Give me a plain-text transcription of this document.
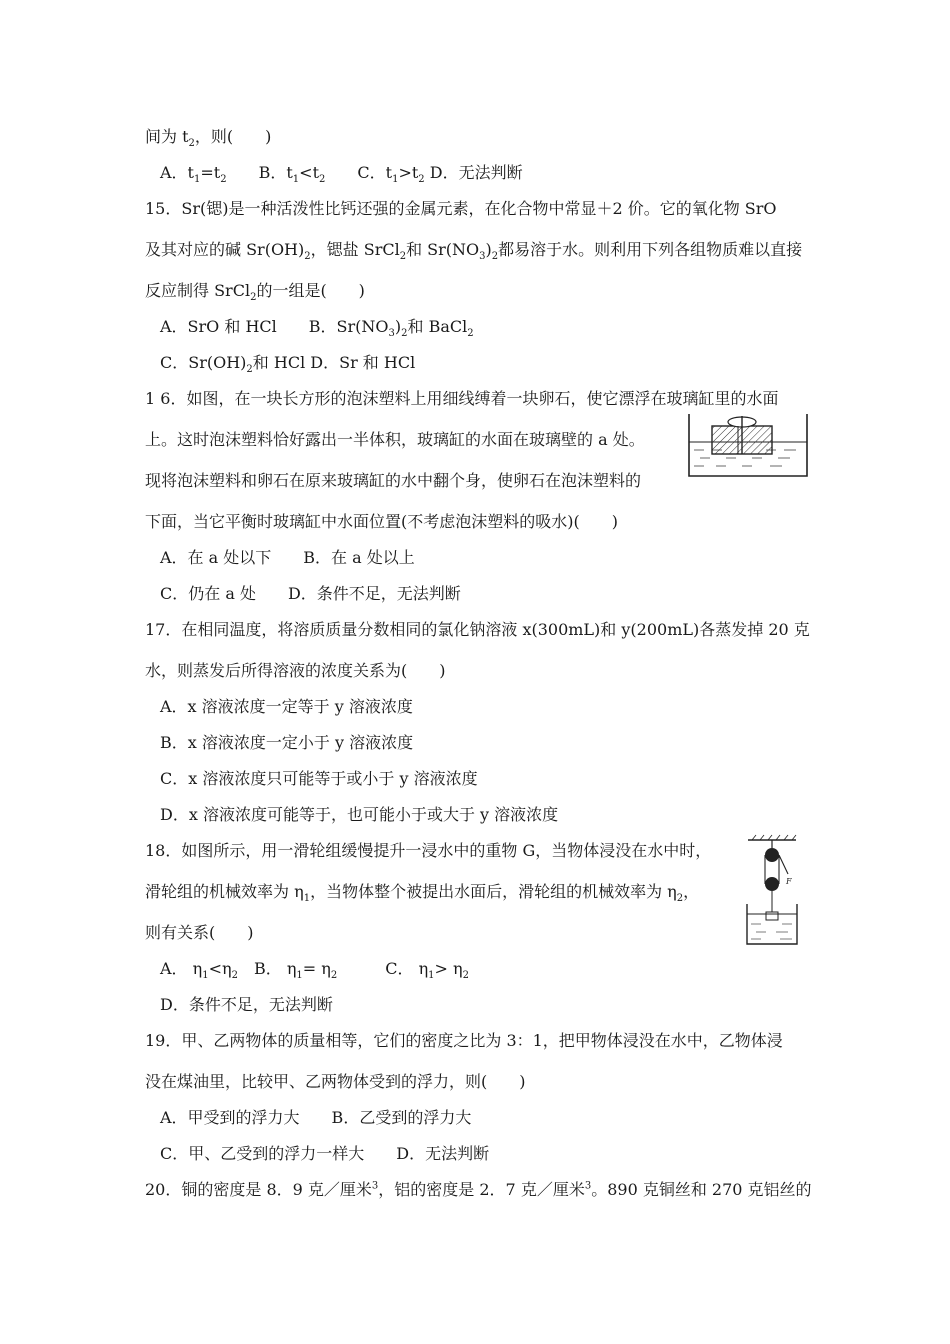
间为 $t_2$，则(　　)
A．$t_1=t_2$　　B．$t_1<t_2$　　C．$t_1>t_2$ D．无法判断
15．Sr(锶)是一种活泼性比钙还强的金属元素，在化合物中常显＋2 价。它的氧化物 SrO
及其对应的碱 $Sr(OH)_2$，锶盐 SrCl$_2$和 $Sr(NO_3)_2$都易溶于水。则利用下列各组物质难以直接
反应制得 SrCl$_2$的一组是(　　)
A．SrO 和 HCl　　B．$Sr(NO_3)_2$和 BaCl$_2$
C．$Sr(OH)_2$和 HCl D．Sr 和 HCl
1 6．如图，在一块长方形的泡沫塑料上用细线缚着一块卵石，使它漂浮在玻璃缸里的水面
上。这时泡沫塑料恰好露出一半体积，玻璃缸的水面在玻璃壁的 a 处。
现将泡沫塑料和卵石在原来玻璃缸的水中翻个身，使卵石在泡沫塑料的
下面，当它平衡时玻璃缸中水面位置(不考虑泡沫塑料的吸水)(　　)
A．在 a 处以下　　B．在 a 处以上
C．仍在 a 处　　D．条件不足，无法判断
17．在相同温度，将溶质质量分数相同的氯化钠溶液 x(300mL)和 y(200mL)各蒸发掉 20 克
水，则蒸发后所得溶液的浓度关系为(　　)
A．x 溶液浓度一定等于 y 溶液浓度
B．x 溶液浓度一定小于 y 溶液浓度
C．x 溶液浓度只可能等于或小于 y 溶液浓度
D．x 溶液浓度可能等于，也可能小于或大于 y 溶液浓度
18．如图所示，用一滑轮组缓慢提升一浸水中的重物 G，当物体浸没在水中时，
滑轮组的机械效率为 $\eta_1$，当物体整个被提出水面后，滑轮组的机械效率为 $\eta_2$，
则有关系(　　)
A． $\eta_1<\eta_2$　B． $\eta_1= \eta_2$　　　C． $\eta_1> \eta_2$
D．条件不足，无法判断
F
19．甲、乙两物体的质量相等，它们的密度之比为 3：1，把甲物体浸没在水中，乙物体浸
没在煤油里，比较甲、乙两物体受到的浮力，则(　　)
A．甲受到的浮力大　　B．乙受到的浮力大
C．甲、乙受到的浮力一样大　　D．无法判断
20．铜的密度是 8．9 克／厘米$^3$，铝的密度是 2．7 克／厘米$^3$。890 克铜丝和 270 克铝丝的
